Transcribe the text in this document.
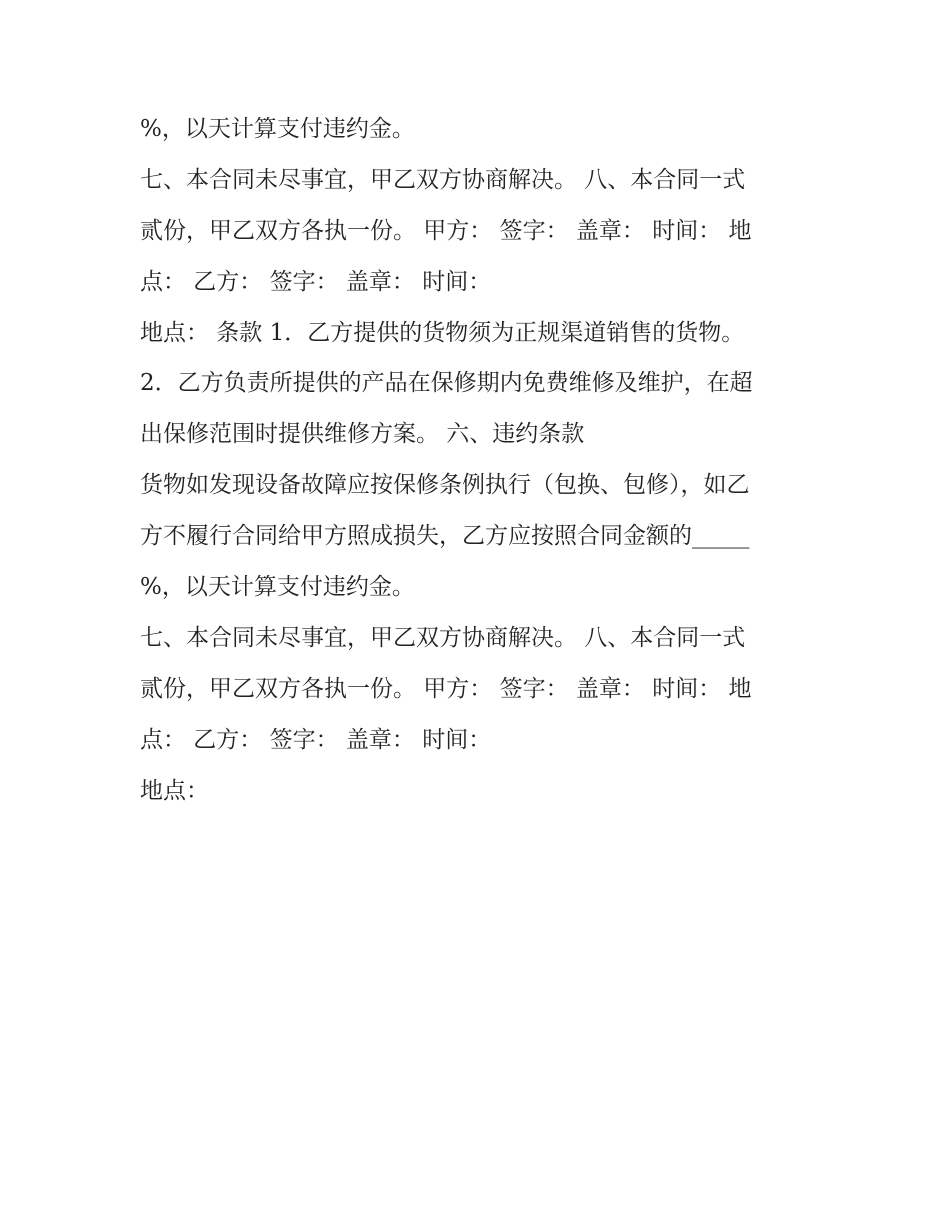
%，以天计算支付违约金。
七、本合同未尽事宜，甲乙双方协商解决。 八、本合同一式
贰份，甲乙双方各执一份。 甲方： 签字： 盖章： 时间： 地
点： 乙方： 签字： 盖章： 时间：
地点： 条款 1．乙方提供的货物须为正规渠道销售的货物。
2．乙方负责所提供的产品在保修期内免费维修及维护，在超
出保修范围时提供维修方案。 六、违约条款
货物如发现设备故障应按保修条例执行（包换、包修），如乙
方不履行合同给甲方照成损失，乙方应按照合同金额的_____
%，以天计算支付违约金。
七、本合同未尽事宜，甲乙双方协商解决。 八、本合同一式
贰份，甲乙双方各执一份。 甲方： 签字： 盖章： 时间： 地
点： 乙方： 签字： 盖章： 时间：
地点：
